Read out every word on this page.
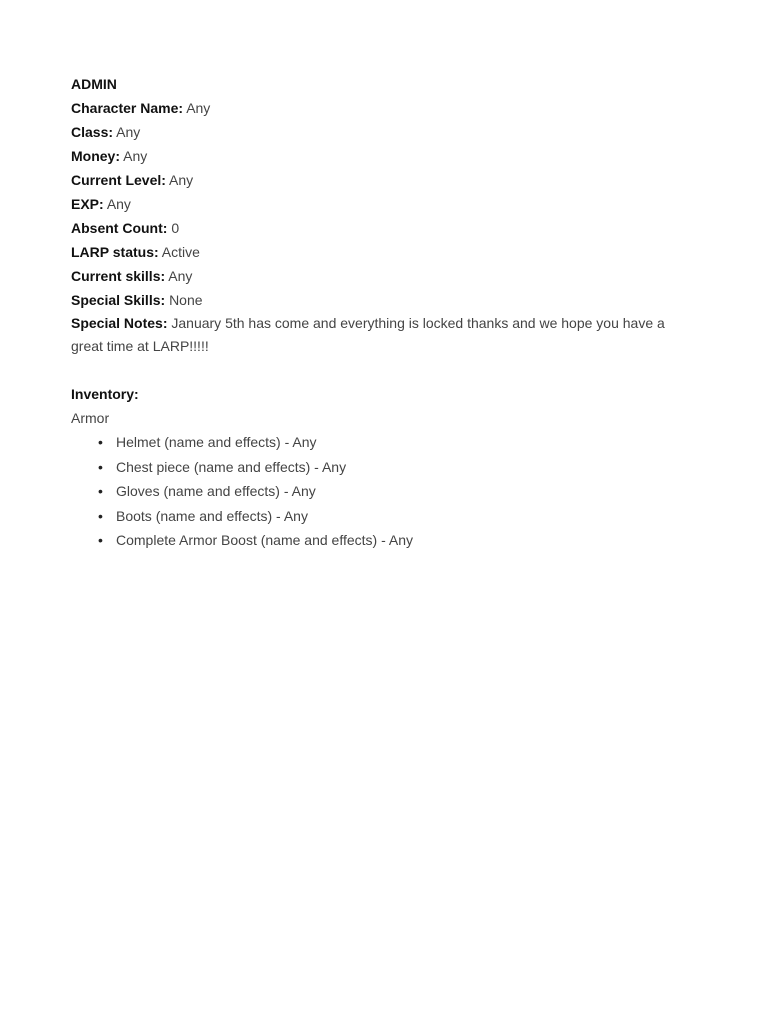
ADMIN
Character Name: Any
Class: Any
Money: Any
Current Level: Any
EXP: Any
Absent Count: 0
LARP status: Active
Current skills: Any
Special Skills: None
Special Notes: January 5th has come and everything is locked thanks and we hope you have a great time at LARP!!!!!
Inventory:
Armor
• Helmet (name and effects) - Any
• Chest piece (name and effects) - Any
• Gloves (name and effects) - Any
• Boots (name and effects) - Any
• Complete Armor Boost (name and effects) - Any
